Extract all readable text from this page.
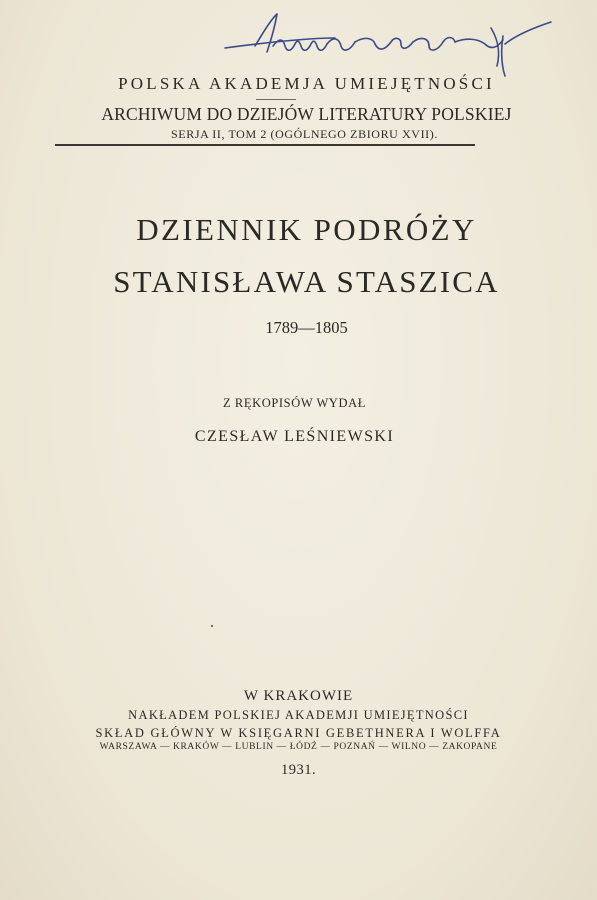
POLSKA AKADEMJA UMIEJĘTNOŚCI
ARCHIWUM DO DZIEJÓW LITERATURY POLSKIEJ
SERJA II, TOM 2 (OGÓLNEGO ZBIORU XVII).
DZIENNIK PODRÓŻY
STANISŁAWA STASZICA
1789—1805
Z RĘKOPISÓW WYDAŁ
CZESŁAW LEŚNIEWSKI
W KRAKOWIE
NAKŁADEM POLSKIEJ AKADEMJI UMIEJĘTNOŚCI
SKŁAD GŁÓWNY W KSIĘGARNI GEBETHNERA I WOLFFA
WARSZAWA — KRAKÓW — LUBLIN — ŁÓDŹ — POZNAŃ — WILNO — ZAKOPANE
1931.
